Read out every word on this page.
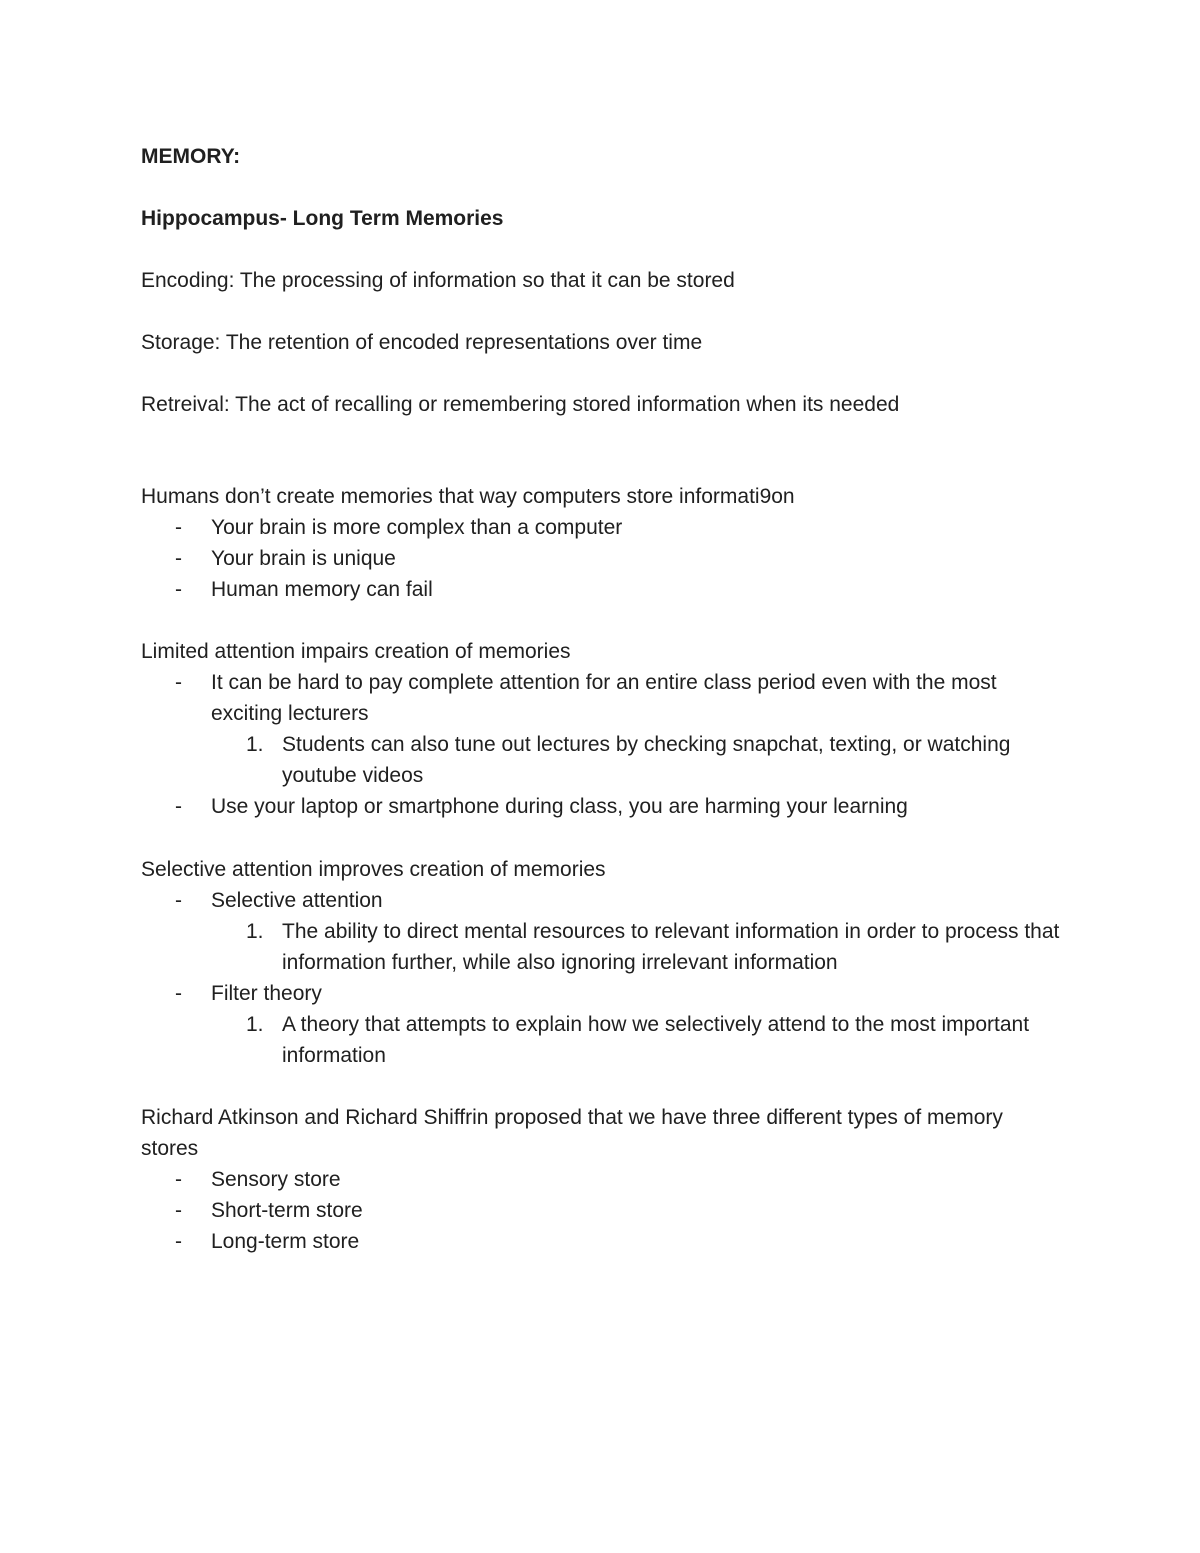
MEMORY:

Hippocampus- Long Term Memories

Encoding: The processing of information so that it can be stored

Storage: The retention of encoded representations over time

Retreival: The act of recalling or remembering stored information when its needed

Humans don’t create memories that way computers store informati9on

- Your brain is more complex than a computer
- Your brain is unique
- Human memory can fail

Limited attention impairs creation of memories

- It can be hard to pay complete attention for an entire class period even with the most exciting lecturers
1. Students can also tune out lectures by checking snapchat, texting, or watching youtube videos
- Use your laptop or smartphone during class, you are harming your learning

Selective attention improves creation of memories

- Selective attention
1. The ability to direct mental resources to relevant information in order to process that information further, while also ignoring irrelevant information
- Filter theory
1. A theory that attempts to explain how we selectively attend to the most important information

Richard Atkinson and Richard Shiffrin proposed that we have three different types of memory stores

- Sensory store
- Short-term store
- Long-term store
